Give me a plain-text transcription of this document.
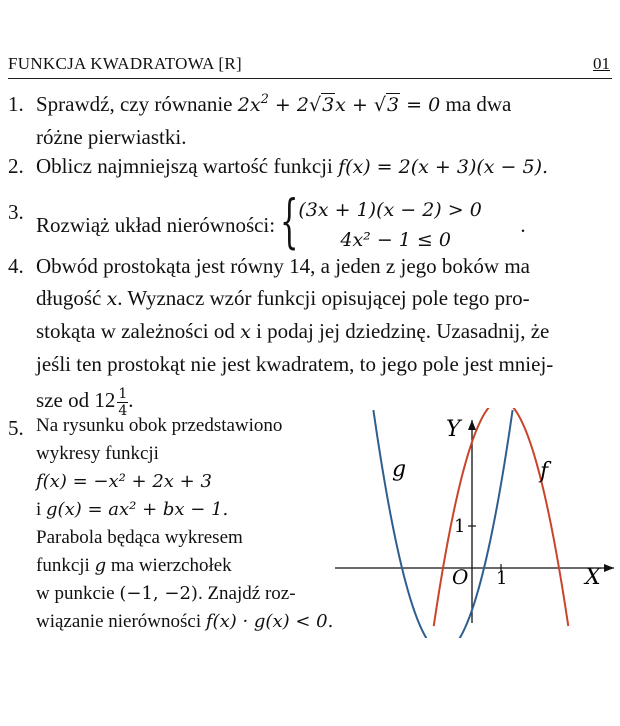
FUNKCJA KWADRATOWA [R]	01
1. Sprawdź, czy równanie $2x^2 + 2√3x + √3 = 0$ ma dwa
różne pierwiastki.
2. Oblicz najmniejszą wartość funkcji f(x) = 2(x + 3)(x − 5).
3.
Rozwiąż układ nierówności: { (3x + 1)(x − 2) > 0
4x² − 1 ≤ 0
.
4. Obwód prostokąta jest równy 14, a jeden z jego boków ma
długość x. Wyznacz wzór funkcji opisującej pole tego pro-
stokąta w zależności od x i podaj jej dziedzinę. Uzasadnij, że
jeśli ten prostokąt nie jest kwadratem, to jego pole jest mniej-
sze od $12 \frac{1}{4}$ .
5. Na rysunku obok przedstawiono
wykresy funkcji
f(x) = −x² + 2x + 3
i g(x) = ax² + bx − 1.
Parabola będąca wykresem
funkcji g ma wierzchołek
w punkcie (−1, −2). Znajdź roz-
wiązanie nierówności f(x) · g(x) < 0.
X
Y
O 1
1
g	f
